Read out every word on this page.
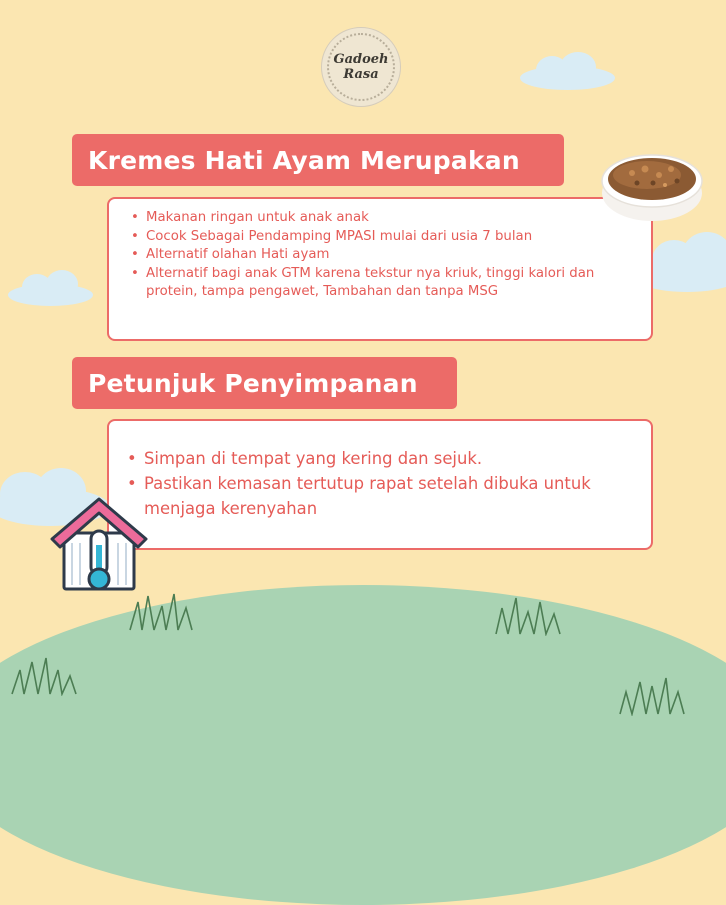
Gadoeh
Rasa
Kremes Hati Ayam Merupakan
• Makanan ringan untuk anak anak
• Cocok Sebagai Pendamping MPASI mulai dari usia 7 bulan
• Alternatif olahan Hati ayam
• Alternatif bagi anak GTM karena tekstur nya kriuk, tinggi kalori dan protein, tampa pengawet, Tambahan dan tanpa MSG
Petunjuk Penyimpanan
• Simpan di tempat yang kering dan sejuk.
• Pastikan kemasan tertutup rapat setelah dibuka untuk menjaga kerenyahan
